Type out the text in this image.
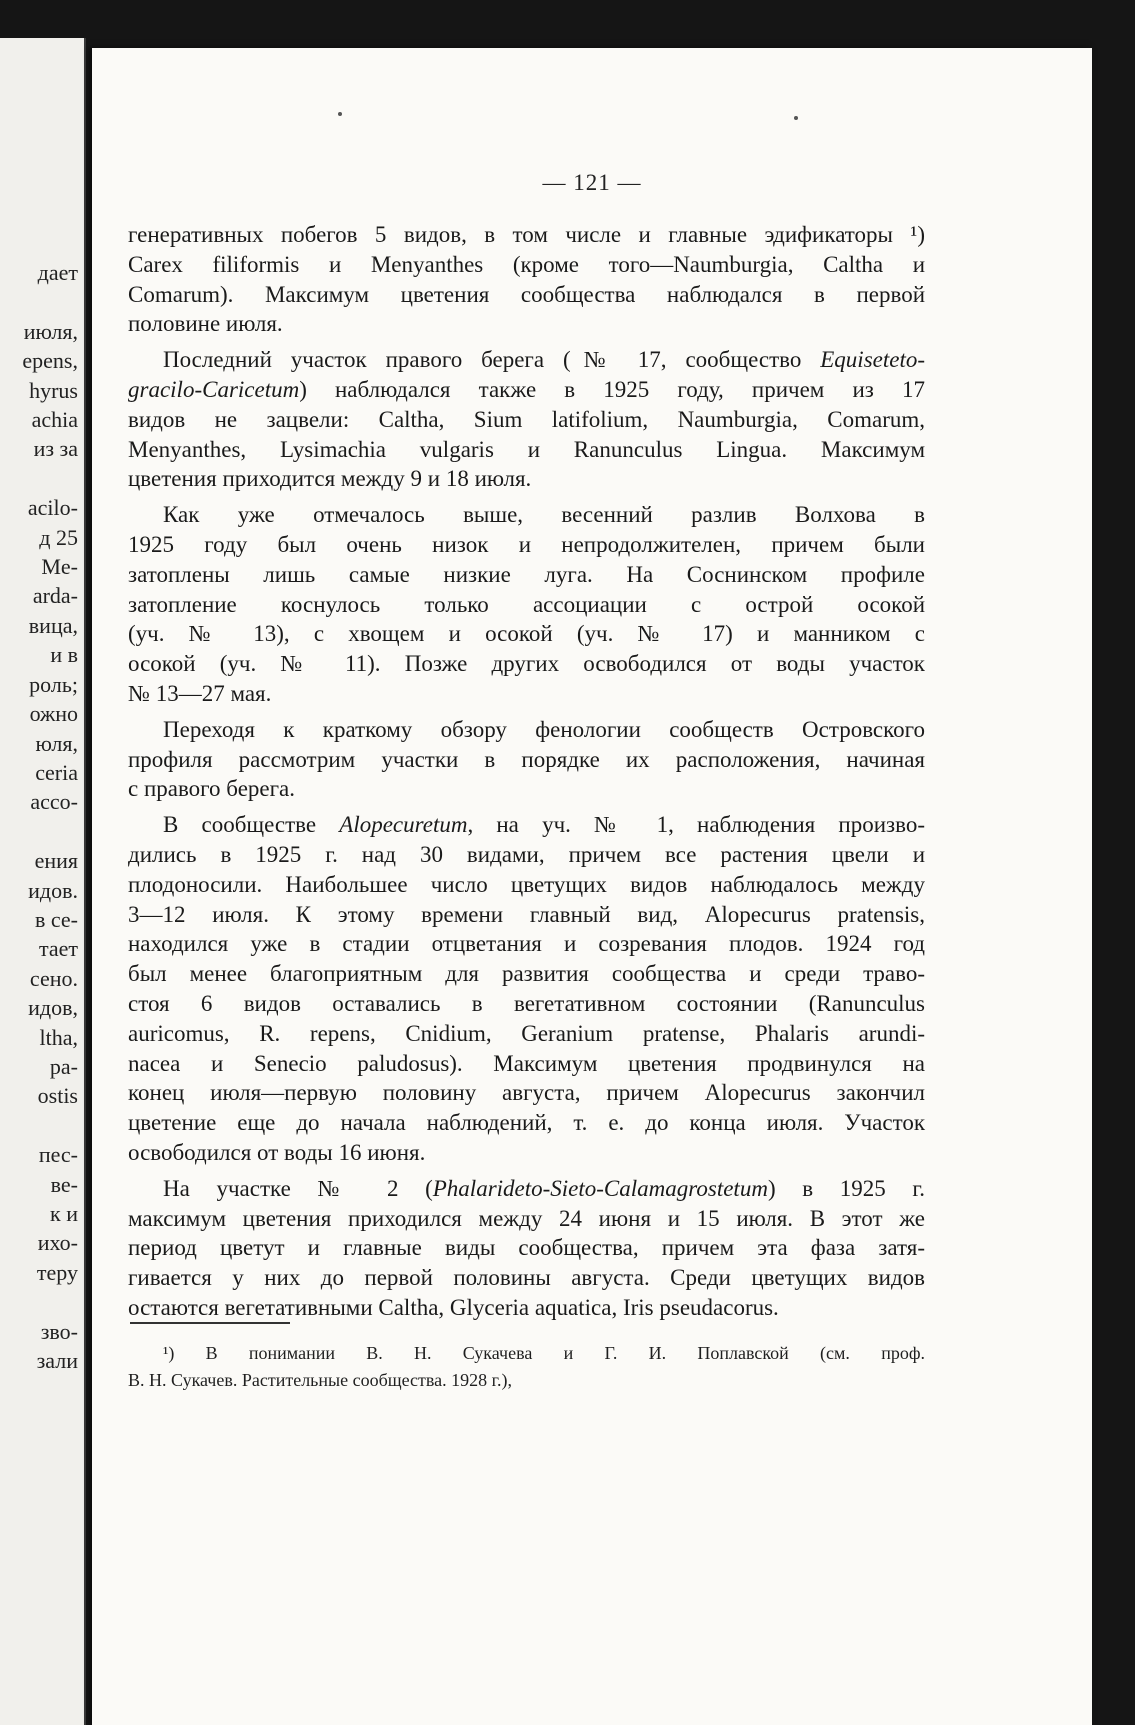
дает

июля,
epens,
hyrus
achia
из за

acilo-
д 25
Me-
arda-
вица,
и в
роль;
ожно
юля,
ceria
ассо-

ения
идов.
в се-
тает
сено.
идов,
ltha,
ра-
ostis

пес-
ве-
к и
ихо-
теру

зво-
зали
— 121 —
генеративных побегов 5 видов, в том числе и главные эдификаторы ¹)
Carex filiformis и Menyanthes (кроме того—Naumburgia, Caltha и
Comarum). Максимум цветения сообщества наблюдался в первой
половине июля.
Последний участок правого берега (№ 17, сообщество Equiseteto-
gracilo-Caricetum) наблюдался также в 1925 году, причем из 17
видов не зацвели: Caltha, Sium latifolium, Naumburgia, Comarum,
Menyanthes, Lysimachia vulgaris и Ranunculus Lingua. Максимум
цветения приходится между 9 и 18 июля.
Как уже отмечалось выше, весенний разлив Волхова в
1925 году был очень низок и непродолжителен, причем были
затоплены лишь самые низкие луга. На Соснинском профиле
затопление коснулось только ассоциации с острой осокой
(уч. № 13), с хвощем и осокой (уч. № 17) и манником с
осокой (уч. № 11). Позже других освободился от воды участок
№ 13—27 мая.
Переходя к краткому обзору фенологии сообществ Островского
профиля рассмотрим участки в порядке их расположения, начиная
с правого берега.
В сообществе Alopecuretum, на уч. № 1, наблюдения произво-
дились в 1925 г. над 30 видами, причем все растения цвели и
плодоносили. Наибольшее число цветущих видов наблюдалось между
3—12 июля. К этому времени главный вид, Alopecurus pratensis,
находился уже в стадии отцветания и созревания плодов. 1924 год
был менее благоприятным для развития сообщества и среди траво-
стоя 6 видов оставались в вегетативном состоянии (Ranunculus
auricomus, R. repens, Cnidium, Geranium pratense, Phalaris arundi-
nacea и Senecio paludosus). Максимум цветения продвинулся на
конец июля—первую половину августа, причем Alopecurus закончил
цветение еще до начала наблюдений, т. е. до конца июля. Участок
освободился от воды 16 июня.
На участке № 2 (Phalarideto-Sieto-Calamagrostetum) в 1925 г.
максимум цветения приходился между 24 июня и 15 июля. В этот же
период цветут и главные виды сообщества, причем эта фаза затя-
гивается у них до первой половины августа. Среди цветущих видов
остаются вегетативными Caltha, Glyceria aquatica, Iris pseudacorus.
¹) В понимании В. Н. Сукачева и Г. И. Поплавской (см. проф.
В. Н. Сукачев. Растительные сообщества. 1928 г.),
